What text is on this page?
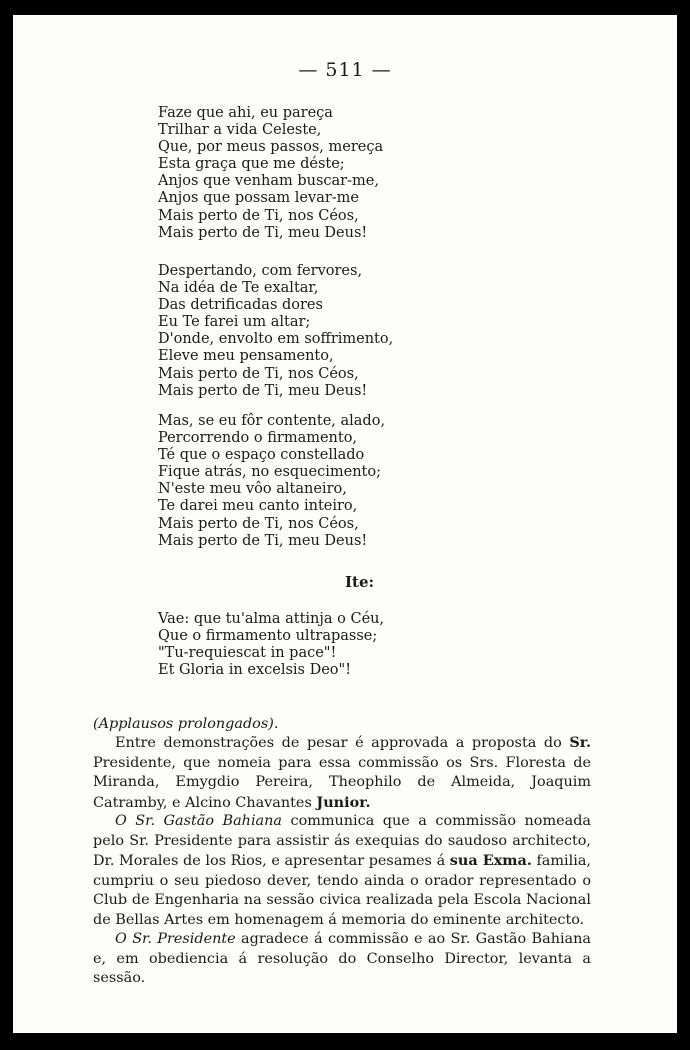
— 511 —
Faze que ahi, eu pareça
Trilhar a vida Celeste,
Que, por meus passos, mereça
Esta graça que me déste;
Anjos que venham buscar-me,
Anjos que possam levar-me
Mais perto de Ti, nos Céos,
Mais perto de Ti, meu Deus!
Despertando, com fervores,
Na idéa de Te exaltar,
Das detrificadas dores
Eu Te farei um altar;
D'onde, envolto em soffrimento,
Eleve meu pensamento,
Mais perto de Ti, nos Céos,
Mais perto de Ti, meu Deus!
Mas, se eu fôr contente, alado,
Percorrendo o firmamento,
Té que o espaço constellado
Fique atrás, no esquecimento;
N'este meu vôo altaneiro,
Te darei meu canto inteiro,
Mais perto de Ti, nos Céos,
Mais perto de Ti, meu Deus!
Ite:
Vae: que tu'alma attinja o Céu,
Que o firmamento ultrapasse;
"Tu-requiescat in pace"!
Et Gloria in excelsis Deo"!
(Applausos prolongados).
Entre demonstrações de pesar é approvada a proposta do Sr. Presidente, que nomeia para essa commissão os Srs. Floresta de Miranda, Emygdio Pereira, Theophilo de Almeida, Joaquim Catramby, e Alcino Chavantes Junior.
O Sr. Gastão Bahiana communica que a commissão nomeada pelo Sr. Presidente para assistir ás exequias do saudoso architecto, Dr. Morales de los Rios, e apresentar pesames á sua Exma. familia, cumpriu o seu piedoso dever, tendo ainda o orador representado o Club de Engenharia na sessão civica realizada pela Escola Nacional de Bellas Artes em homenagem á memoria do eminente architecto.
O Sr. Presidente agradece á commissão e ao Sr. Gastão Bahiana e, em obediencia á resolução do Conselho Director, levanta a sessão.
